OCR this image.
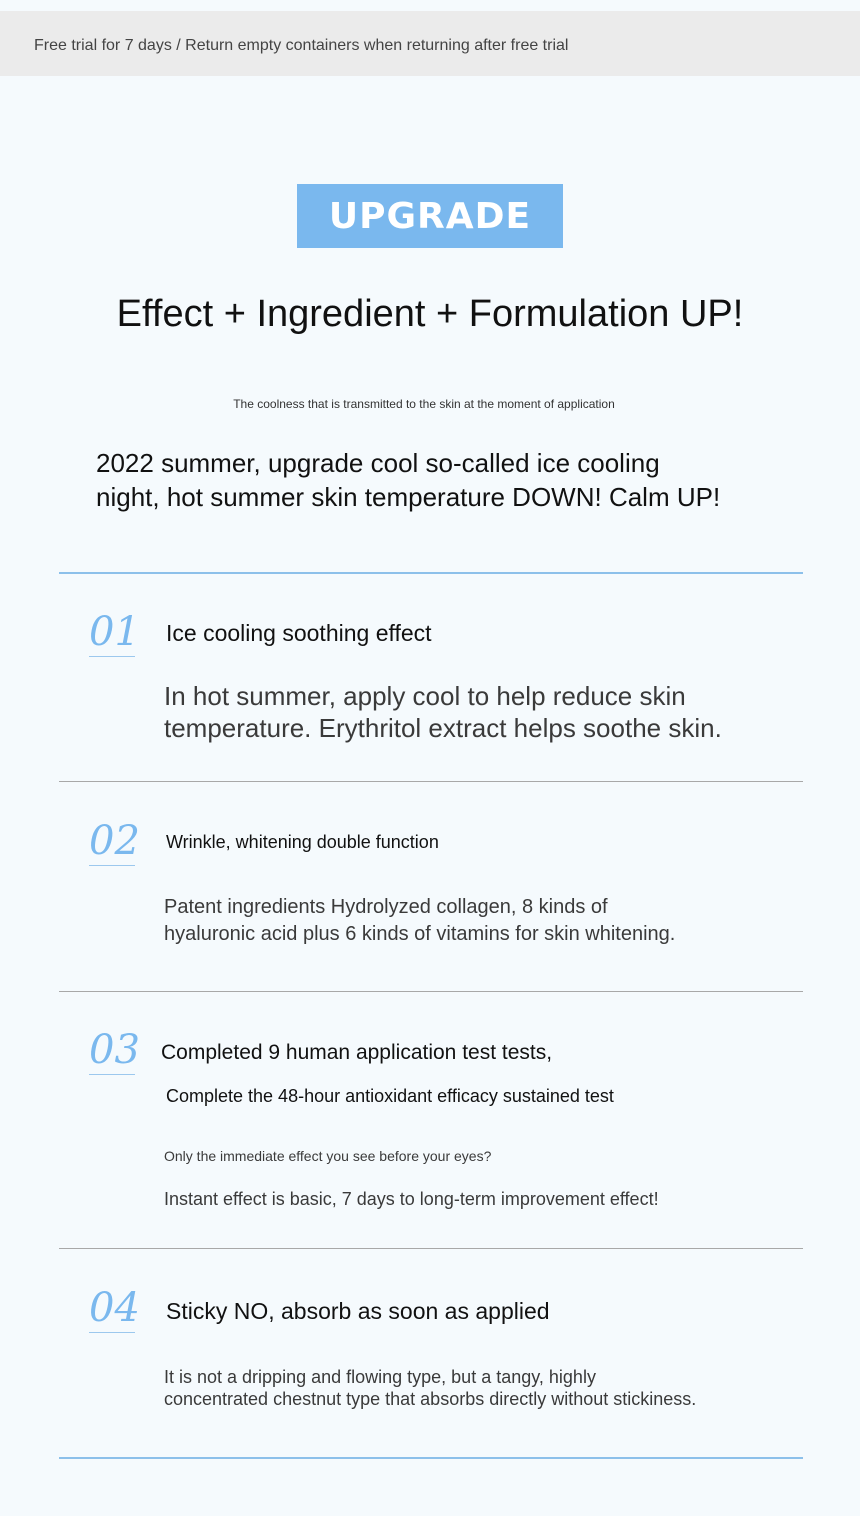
Free trial for 7 days / Return empty containers when returning after free trial
UPGRADE
Effect + Ingredient + Formulation UP!
The coolness that is transmitted to the skin at the moment of application
2022 summer, upgrade cool so-called ice cooling
night, hot summer skin temperature DOWN! Calm UP!
01 Ice cooling soothing effect
In hot summer, apply cool to help reduce skin
temperature. Erythritol extract helps soothe skin.
02 Wrinkle, whitening double function
Patent ingredients Hydrolyzed collagen, 8 kinds of
hyaluronic acid plus 6 kinds of vitamins for skin whitening.
03 Completed 9 human application test tests,
Complete the 48-hour antioxidant efficacy sustained test
Only the immediate effect you see before your eyes?
Instant effect is basic, 7 days to long-term improvement effect!
04 Sticky NO, absorb as soon as applied
It is not a dripping and flowing type, but a tangy, highly
concentrated chestnut type that absorbs directly without stickiness.
